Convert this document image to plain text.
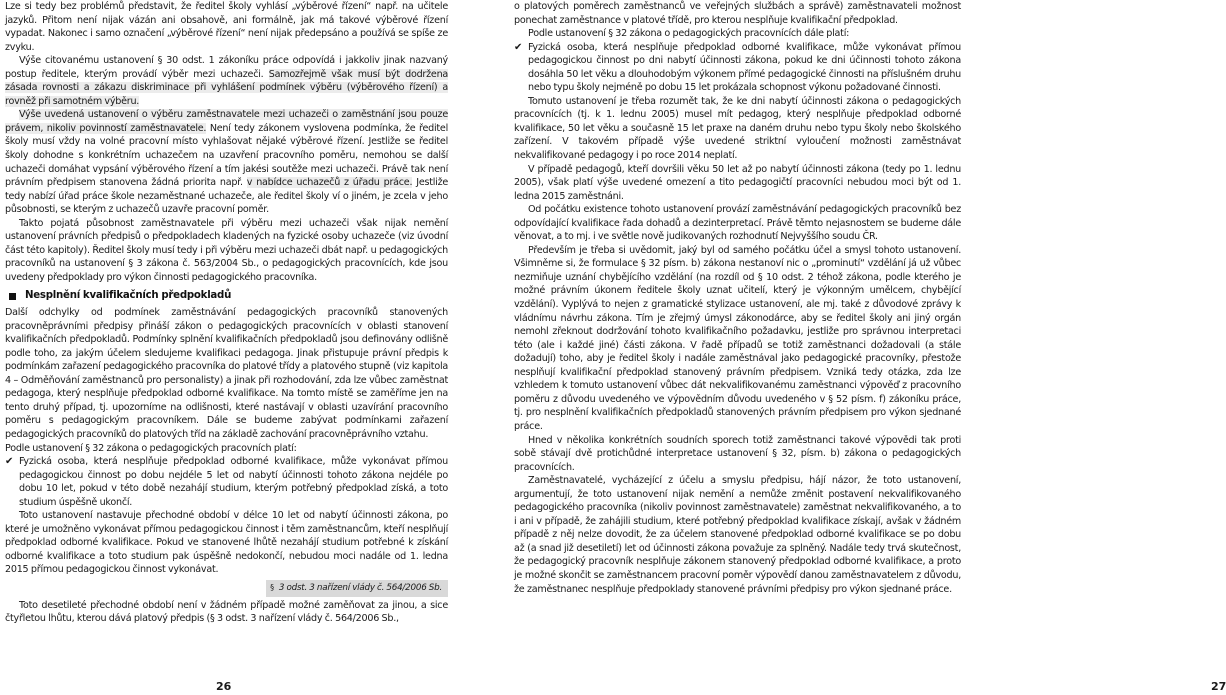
Lze si tedy bez problémů představit, že ředitel školy vyhlásí „výběrové řízení“ např. na učitele jazyků. Přitom není nijak vázán ani obsahově, ani formálně, jak má takové výběrové řízení vypadat. Nakonec i samo označení „výběrové řízení“ není nijak předepsáno a používá se spíše ze zvyku.

Výše citovanému ustanovení § 30 odst. 1 zákoníku práce odpovídá i jakkoliv jinak nazvaný postup ředitele, kterým provádí výběr mezi uchazeči. Samozřejmě však musí být dodržena zásada rovnosti a zákazu diskriminace při vyhlášení podmínek výběru (výběrového řízení) a rovněž při samotném výběru.

Výše uvedená ustanovení o výběru zaměstnavatele mezi uchazeči o zaměstnání jsou pouze právem, nikoliv povinností zaměstnavatele. Není tedy zákonem vyslovena podmínka, že ředitel školy musí vždy na volné pracovní místo vyhlašovat nějaké výběrové řízení. Jestliže se ředitel školy dohodne s konkrétním uchazečem na uzavření pracovního poměru, nemohou se další uchazeči domáhat vypsání výběrového řízení a tím jakési soutěže mezi uchazeči. Právě tak není právním předpisem stanovena žádná priorita např. v nabídce uchazečů z úřadu práce. Jestliže tedy nabízí úřad práce škole nezaměstnané uchazeče, ale ředitel školy ví o jiném, je zcela v jeho působnosti, se kterým z uchazečů uzavře pracovní poměr.

Takto pojatá působnost zaměstnavatele při výběru mezi uchazeči však nijak nemění ustanovení právních předpisů o předpokladech kladených na fyzické osoby uchazeče (viz úvodní část této kapitoly). Ředitel školy musí tedy i při výběru mezi uchazeči dbát např. u pedagogických pracovníků na ustanovení § 3 zákona č. 563/2004 Sb., o pedagogických pracovnících, kde jsou uvedeny předpoklady pro výkon činnosti pedagogického pracovníka.

Nesplnění kvalifikačních předpokladů

Další odchylky od podmínek zaměstnávání pedagogických pracovníků stanovených pracovněprávními předpisy přináší zákon o pedagogických pracovnících v oblasti stanovení kvalifikačních předpokladů. Podmínky splnění kvalifikačních předpokladů jsou definovány odlišně podle toho, za jakým účelem sledujeme kvalifikaci pedagoga. Jinak přistupuje právní předpis k podmínkám zařazení pedagogického pracovníka do platové třídy a platového stupně (viz kapitola 4 – Odměňování zaměstnanců pro personalisty) a jinak při rozhodování, zda lze vůbec zaměstnat pedagoga, který nesplňuje předpoklad odborné kvalifikace. Na tomto místě se zaměříme jen na tento druhý případ, tj. upozorníme na odlišnosti, které nastávají v oblasti uzavírání pracovního poměru s pedagogickým pracovníkem. Dále se budeme zabývat podmínkami zařazení pedagogických pracovníků do platových tříd na základě zachování pracovněprávního vztahu.

Podle ustanovení § 32 zákona o pedagogických pracovních platí:

✔ Fyzická osoba, která nesplňuje předpoklad odborné kvalifikace, může vykonávat přímou pedagogickou činnost po dobu nejdéle 5 let od nabytí účinnosti tohoto zákona nejdéle po dobu 10 let, pokud v této době nezahájí studium, kterým potřebný předpoklad získá, a toto studium úspěšně ukončí.

Toto ustanovení nastavuje přechodné období v délce 10 let od nabytí účinnosti zákona, po které je umožněno vykonávat přímou pedagogickou činnost i těm zaměstnancům, kteří nesplňují předpoklad odborné kvalifikace. Pokud ve stanovené lhůtě nezahájí studium potřebné k získání odborné kvalifikace a toto studium pak úspěšně nedokončí, nebudou moci nadále od 1. ledna 2015 přímou pedagogickou činnost vykonávat.

§ 3 odst. 3 nařízení vlády č. 564/2006 Sb.

Toto desetileté přechodné období není v žádném případě možné zaměňovat za jinou, a sice čtyřletou lhůtu, kterou dává platový předpis (§ 3 odst. 3 nařízení vlády č. 564/2006 Sb.,

26	27

o platových poměrech zaměstnanců ve veřejných službách a správě) zaměstnavateli možnost ponechat zaměstnance v platové třídě, pro kterou nesplňuje kvalifikační předpoklad.

Podle ustanovení § 32 zákona o pedagogických pracovnících dále platí:

✔ Fyzická osoba, která nesplňuje předpoklad odborné kvalifikace, může vykonávat přímou pedagogickou činnost po dni nabytí účinnosti zákona, pokud ke dni účinnosti tohoto zákona dosáhla 50 let věku a dlouhodobým výkonem přímé pedagogické činnosti na příslušném druhu nebo typu školy nejméně po dobu 15 let prokázala schopnost výkonu požadované činnosti.

Tomuto ustanovení je třeba rozumět tak, že ke dni nabytí účinnosti zákona o pedagogických pracovnících (tj. k 1. lednu 2005) musel mít pedagog, který nesplňuje předpoklad odborné kvalifikace, 50 let věku a současně 15 let praxe na daném druhu nebo typu školy nebo školského zařízení. V takovém případě výše uvedené striktní vyloučení možnosti zaměstnávat nekvalifikované pedagogy i po roce 2014 neplatí.

V případě pedagogů, kteří dovršili věku 50 let až po nabytí účinnosti zákona (tedy po 1. lednu 2005), však platí výše uvedené omezení a tito pedagogičtí pracovníci nebudou moci být od 1. ledna 2015 zaměstnáni.

Od počátku existence tohoto ustanovení provází zaměstnávání pedagogických pracovníků bez odpovídající kvalifikace řada dohadů a dezinterpretací. Právě těmto nejasnostem se budeme dále věnovat, a to mj. i ve světle nově judikovaných rozhodnutí Nejvyššího soudu ČR.

Především je třeba si uvědomit, jaký byl od samého počátku účel a smysl tohoto ustanovení. Všimněme si, že formulace § 32 písm. b) zákona nestanoví nic o „prominutí“ vzdělání já už vůbec nezmiňuje uznání chybějícího vzdělání (na rozdíl od § 10 odst. 2 téhož zákona, podle kterého je možné právním úkonem ředitele školy uznat učitelí, který je výkonným umělcem, chybějící vzdělání). Vyplývá to nejen z gramatické stylizace ustanovení, ale mj. také z důvodové zprávy k vládnímu návrhu zákona. Tím je zřejmý úmysl zákonodárce, aby se ředitel školy ani jiný orgán nemohl zřeknout dodržování tohoto kvalifikačního požadavku, jestliže pro správnou interpretaci této (ale i každé jiné) části zákona. V řadě případů se totiž zaměstnanci dožadovali (a stále dožadují) toho, aby je ředitel školy i nadále zaměstnával jako pedagogické pracovníky, přestože nesplňují kvalifikační předpoklad stanovený právním předpisem. Vzniká tedy otázka, zda lze vzhledem k tomuto ustanovení vůbec dát nekvalifikovanému zaměstnanci výpověď z pracovního poměru z důvodu uvedeného ve výpovědním důvodu uvedeného v § 52 písm. f) zákoníku práce, tj. pro nesplnění kvalifikačních předpokladů stanovených právním předpisem pro výkon sjednané práce.

Hned v několika konkrétních soudních sporech totiž zaměstnanci takové výpovědi tak proti sobě stávají dvě protichůdné interpretace ustanovení § 32, písm. b) zákona o pedagogických pracovnících.

Zaměstnavatelé, vycházející z účelu a smyslu předpisu, hájí názor, že toto ustanovení, argumentují, že toto ustanovení nijak nemění a nemůže změnit postavení nekvalifikovaného pedagogického pracovníka (nikoliv povinnost zaměstnavatele) zaměstnat nekvalifikovaného, a to i ani v případě, že zahájili studium, které potřebný předpoklad kvalifikace získají, avšak v žádném případě z něj nelze dovodit, že za účelem stanovené předpoklad odborné kvalifikace se po dobu až (a snad již desetiletí) let od účinnosti zákona považuje za splněný. Nadále tedy trvá skutečnost, že pedagogický pracovník nesplňuje zákonem stanovený předpoklad odborné kvalifikace, a proto je možné skončit se zaměstnancem pracovní poměr výpovědí danou zaměstnavatelem z důvodu, že zaměstnanec nesplňuje předpoklady stanovené právními předpisy pro výkon sjednané práce.
